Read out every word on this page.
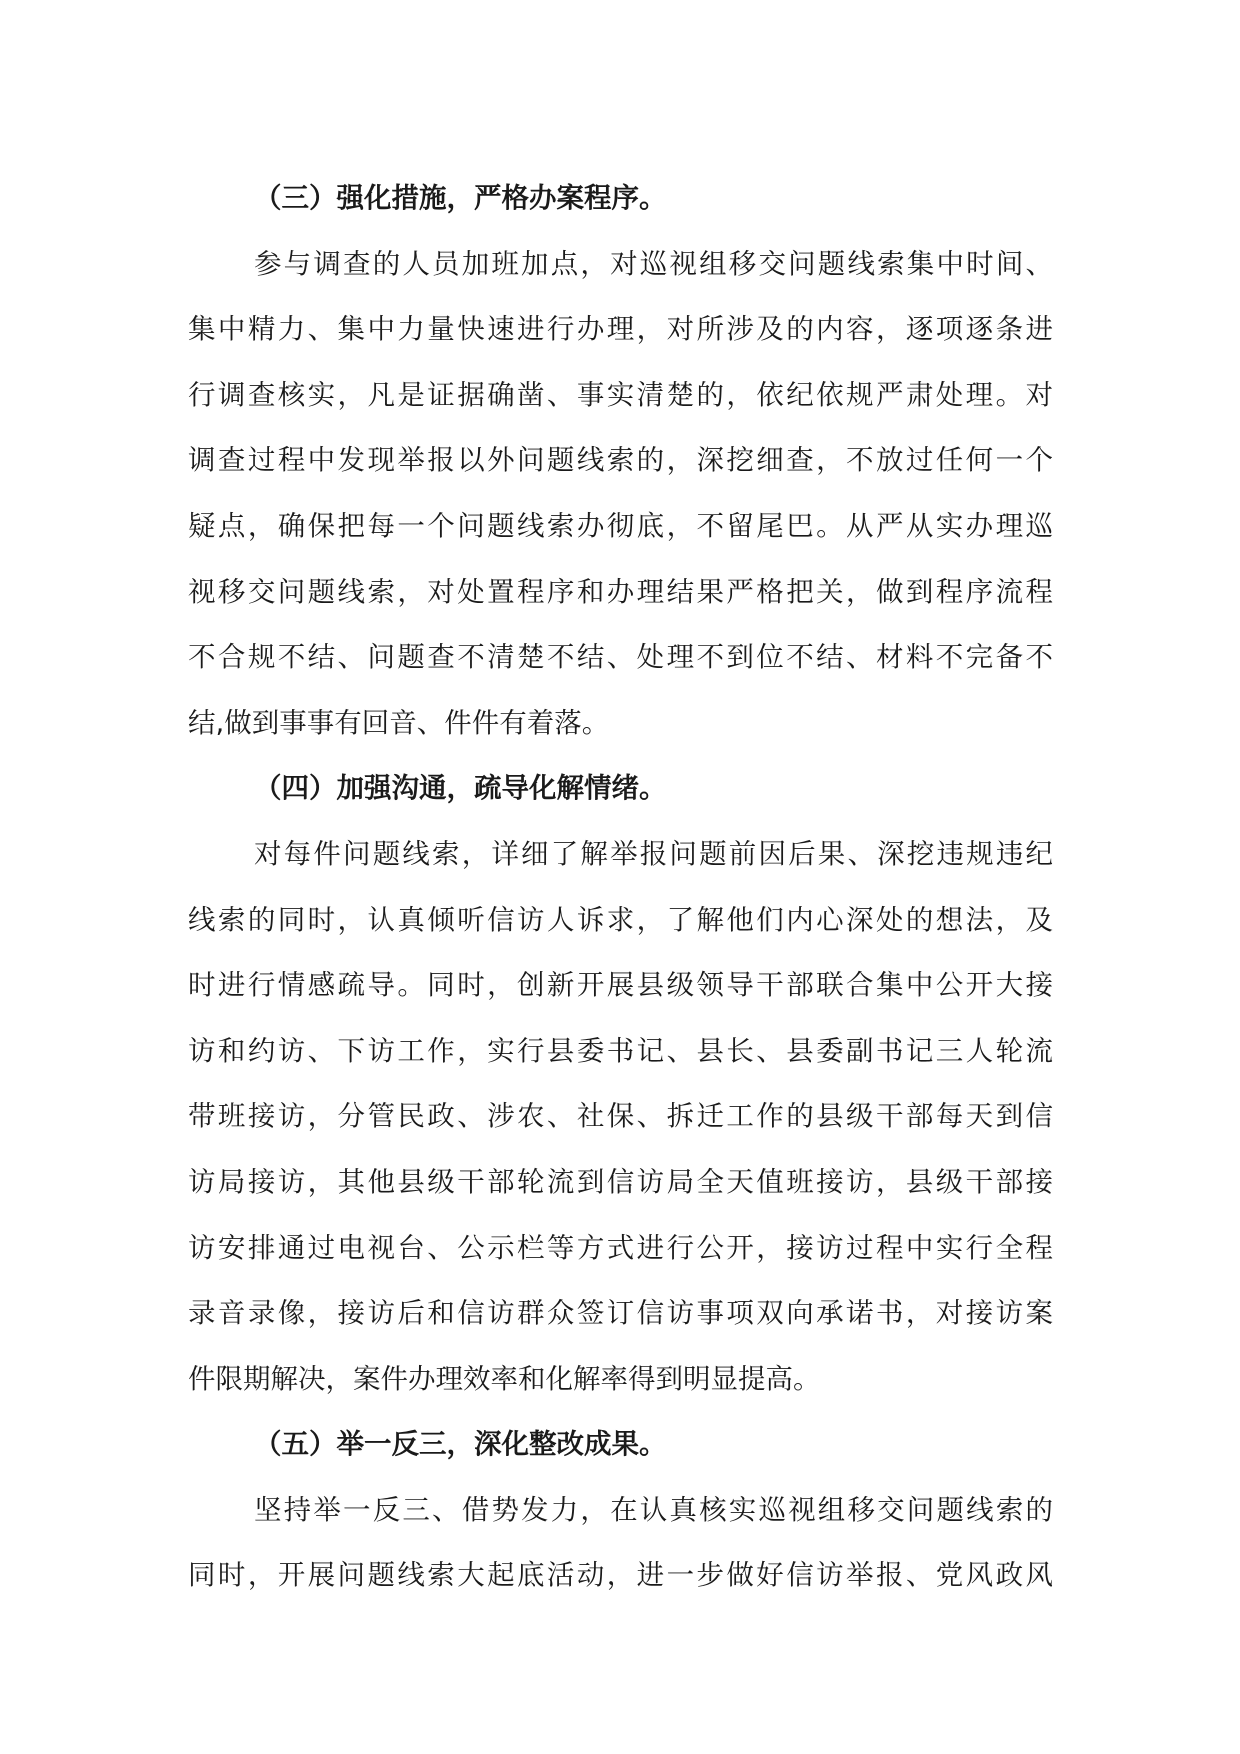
（三）强化措施，严格办案程序。
参与调查的人员加班加点，对巡视组移交问题线索集中时间、
集中精力、集中力量快速进行办理，对所涉及的内容，逐项逐条进
行调查核实，凡是证据确凿、事实清楚的，依纪依规严肃处理。对
调查过程中发现举报以外问题线索的，深挖细查，不放过任何一个
疑点，确保把每一个问题线索办彻底，不留尾巴。从严从实办理巡
视移交问题线索，对处置程序和办理结果严格把关，做到程序流程
不合规不结、问题查不清楚不结、处理不到位不结、材料不完备不
结,做到事事有回音、件件有着落。
（四）加强沟通，疏导化解情绪。
对每件问题线索，详细了解举报问题前因后果、深挖违规违纪
线索的同时，认真倾听信访人诉求，了解他们内心深处的想法，及
时进行情感疏导。同时，创新开展县级领导干部联合集中公开大接
访和约访、下访工作，实行县委书记、县长、县委副书记三人轮流
带班接访，分管民政、涉农、社保、拆迁工作的县级干部每天到信
访局接访，其他县级干部轮流到信访局全天值班接访，县级干部接
访安排通过电视台、公示栏等方式进行公开，接访过程中实行全程
录音录像，接访后和信访群众签订信访事项双向承诺书，对接访案
件限期解决，案件办理效率和化解率得到明显提高。
（五）举一反三，深化整改成果。
坚持举一反三、借势发力，在认真核实巡视组移交问题线索的
同时，开展问题线索大起底活动，进一步做好信访举报、党风政风
